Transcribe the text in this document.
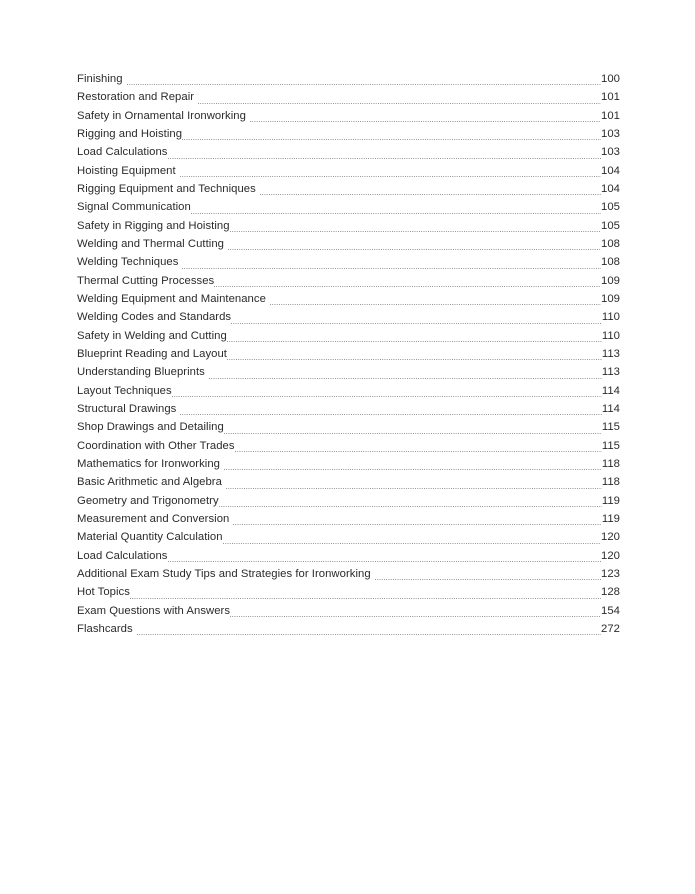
Finishing	100
Restoration and Repair	101
Safety in Ornamental Ironworking	101
Rigging and Hoisting	103
Load Calculations	103
Hoisting Equipment	104
Rigging Equipment and Techniques	104
Signal Communication	105
Safety in Rigging and Hoisting	105
Welding and Thermal Cutting	108
Welding Techniques	108
Thermal Cutting Processes	109
Welding Equipment and Maintenance	109
Welding Codes and Standards	110
Safety in Welding and Cutting	110
Blueprint Reading and Layout	113
Understanding Blueprints	113
Layout Techniques	114
Structural Drawings	114
Shop Drawings and Detailing	115
Coordination with Other Trades	115
Mathematics for Ironworking	118
Basic Arithmetic and Algebra	118
Geometry and Trigonometry	119
Measurement and Conversion	119
Material Quantity Calculation	120
Load Calculations	120
Additional Exam Study Tips and Strategies for Ironworking	123
Hot Topics	128
Exam Questions with Answers	154
Flashcards	272
